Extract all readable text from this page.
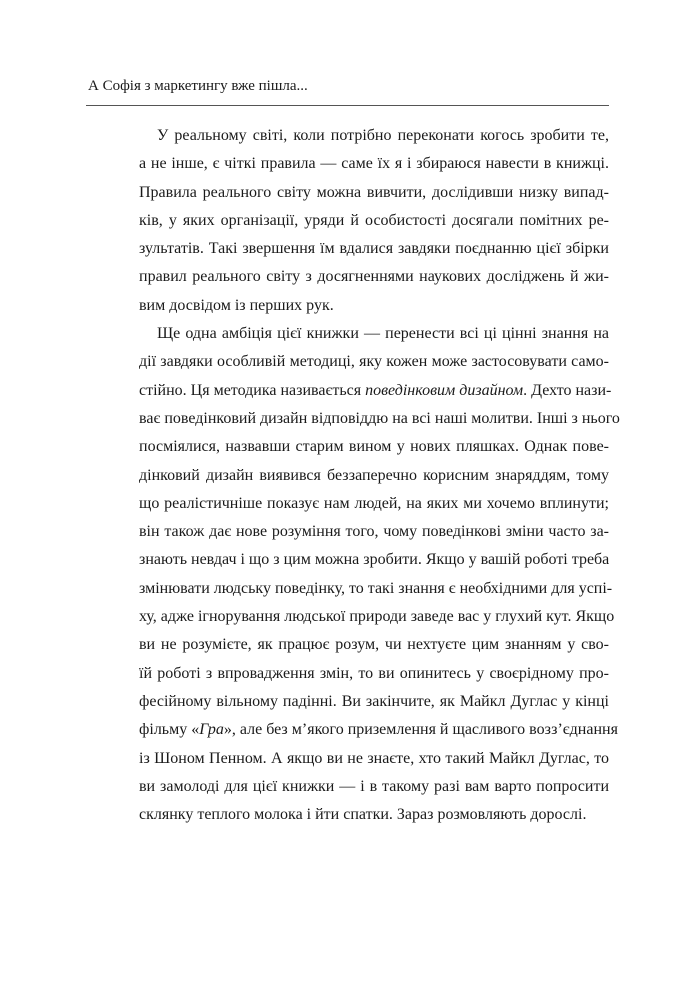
А Софія з маркетингу вже пішла...
У реальному світі, коли потрібно переконати когось зробити те,
а не інше, є чіткі правила — саме їх я і збираюся навести в книжці.
Правила реального світу можна вивчити, дослідивши низку випад-
ків, у яких організації, уряди й особистості досягали помітних ре-
зультатів. Такі звершення їм вдалися завдяки поєднанню цієї збірки
правил реального світу з досягненнями наукових досліджень й жи-
вим досвідом із перших рук.
Ще одна амбіція цієї книжки — перенести всі ці цінні знання на
дії завдяки особливій методиці, яку кожен може застосовувати само-
стійно. Ця методика називається поведінковим дизайном. Дехто нази-
ває поведінковий дизайн відповіддю на всі наші молитви. Інші з нього
посміялися, назвавши старим вином у нових пляшках. Однак пове-
дінковий дизайн виявився беззаперечно корисним знаряддям, тому
що реалістичніше показує нам людей, на яких ми хочемо вплинути;
він також дає нове розуміння того, чому поведінкові зміни часто за-
знають невдач і що з цим можна зробити. Якщо у вашій роботі треба
змінювати людську поведінку, то такі знання є необхідними для успі-
ху, адже ігнорування людської природи заведе вас у глухий кут. Якщо
ви не розумієте, як працює розум, чи нехтуєте цим знанням у сво-
їй роботі з впровадження змін, то ви опинитесь у своєрідному про-
фесійному вільному падінні. Ви закінчите, як Майкл Дуглас у кінці
фільму «Гра», але без м’якого приземлення й щасливого возз’єднання
із Шоном Пенном. А якщо ви не знаєте, хто такий Майкл Дуглас, то
ви замолоді для цієї книжки — і в такому разі вам варто попросити
склянку теплого молока і йти спатки. Зараз розмовляють дорослі.
